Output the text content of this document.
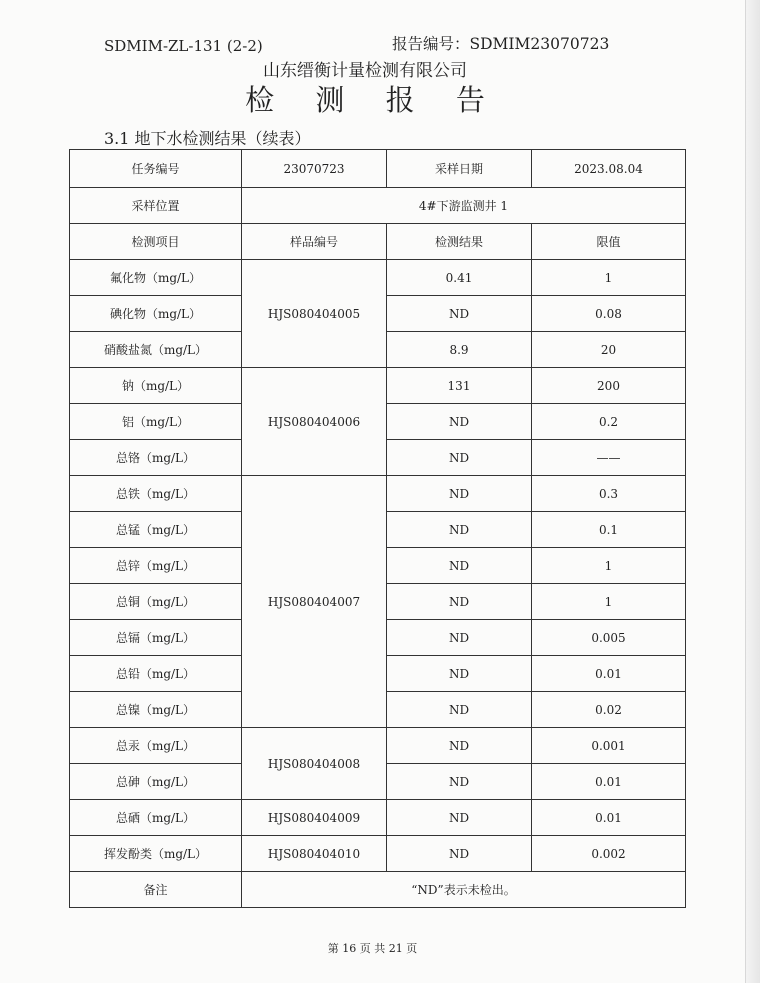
SDMIM-ZL-131 (2-2)	报告编号：SDMIM23070723
山东缙衡计量检测有限公司
检 测 报 告
3.1 地下水检测结果（续表）
任务编号	23070723	采样日期	2023.08.04
采样位置	4#下游监测井 1		
检测项目	样品编号	检测结果	限值
氟化物（mg/L）	HJS080404005	0.41	1
碘化物（mg/L）		ND	0.08
硝酸盐氮（mg/L）		8.9	20
钠（mg/L）	HJS080404006	131	200
铝（mg/L）		ND	0.2
总铬（mg/L）		ND	——
总铁（mg/L）	HJS080404007	ND	0.3
总锰（mg/L）		ND	0.1
总锌（mg/L）		ND	1
总铜（mg/L）		ND	1
总镉（mg/L）		ND	0.005
总铅（mg/L）		ND	0.01
总镍（mg/L）		ND	0.02
总汞（mg/L）	HJS080404008	ND	0.001
总砷（mg/L）		ND	0.01
总硒（mg/L）	HJS080404009	ND	0.01
挥发酚类（mg/L）	HJS080404010	ND	0.002
备注	“ND”表示未检出。		
第 16 页 共 21 页
